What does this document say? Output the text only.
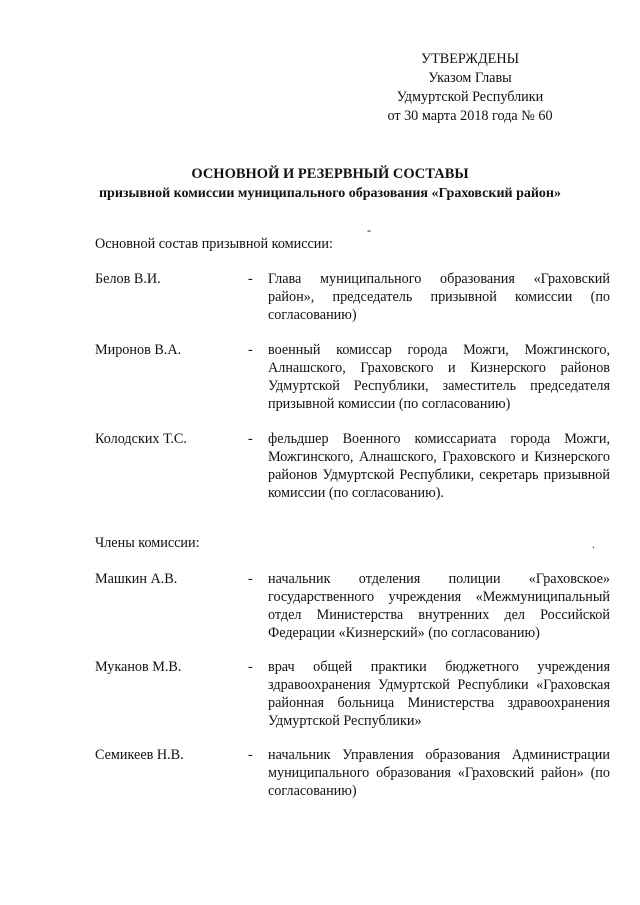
УТВЕРЖДЕНЫ
Указом Главы
Удмуртской Республики
от 30 марта 2018 года № 60
ОСНОВНОЙ И РЕЗЕРВНЫЙ СОСТАВЫ
призывной комиссии муниципального образования «Граховский район»
-
Основной состав призывной комиссии:
Белов В.И.	-	Глава муниципального образования «Граховский район», председатель призывной комиссии (по согласованию)
Миронов В.А.	-	военный комиссар города Можги, Можгинского, Алнашского, Граховского и Кизнерского районов Удмуртской Республики, заместитель председателя призывной комиссии (по согласованию)
Колодских Т.С.	-	фельдшер Военного комиссариата города Можги, Можгинского, Алнашского, Граховского и Кизнерского районов Удмуртской Республики, секретарь призывной комиссии (по согласованию).
Члены комиссии:	.
Машкин А.В.	-	начальник отделения полиции «Граховское» государственного учреждения «Межмуниципальный отдел Министерства внутренних дел Российской Федерации «Кизнерский» (по согласованию)
Муканов М.В.	-	врач общей практики бюджетного учреждения здравоохранения Удмуртской Республики «Граховская районная больница Министерства здравоохранения Удмуртской Республики»
Семикеев Н.В.	-	начальник Управления образования Администрации муниципального образования «Граховский район» (по согласованию)
